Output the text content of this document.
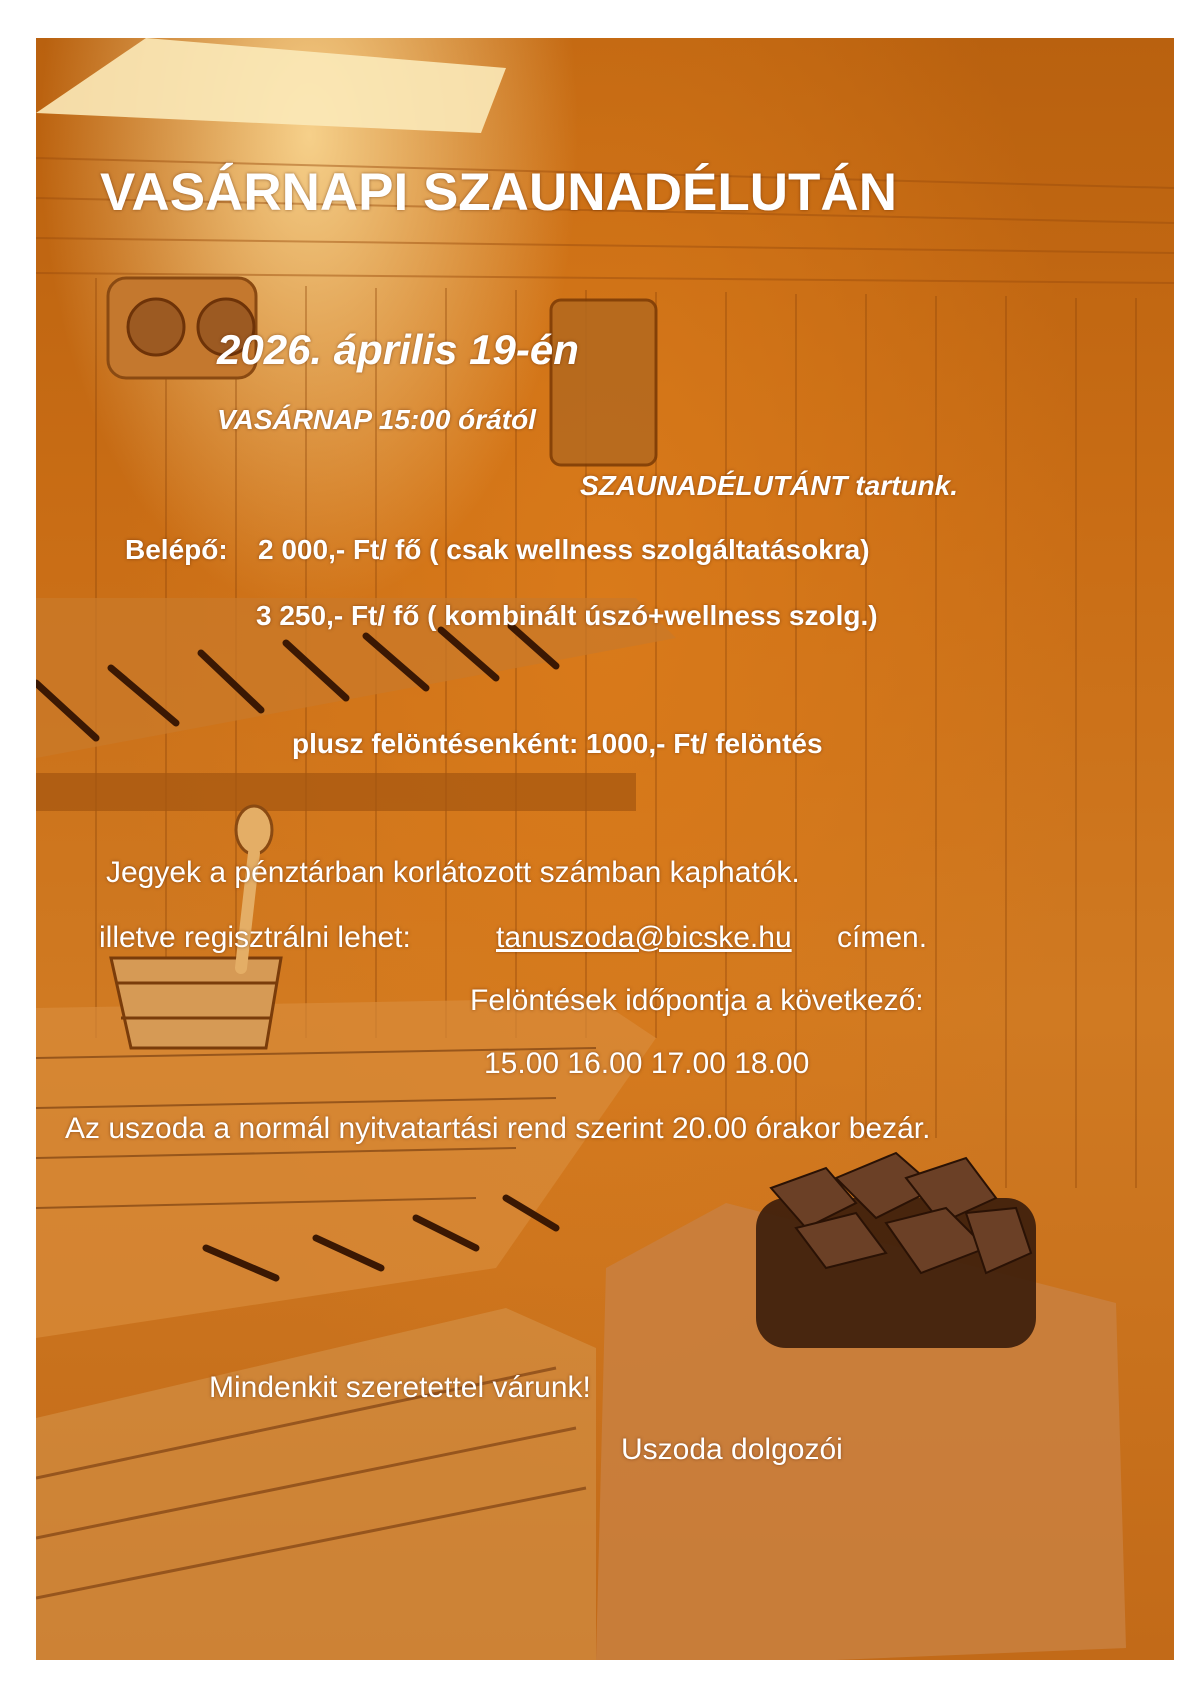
VASÁRNAPI SZAUNADÉLUTÁN
2026. április 19-én
VASÁRNAP 15:00 órától
SZAUNADÉLUTÁNT tartunk.
Belépő: 2 000,- Ft/ fő ( csak wellness szolgáltatásokra)
3 250,- Ft/ fő ( kombinált úszó+wellness szolg.)
plusz felöntésenként: 1000,- Ft/ felöntés
Jegyek a pénztárban korlátozott számban kaphatók.
illetve regisztrálni lehet:	tanuszoda@bicske.hu címen.
Felöntések időpontja a következő:
15.00 16.00 17.00 18.00
Az uszoda a normál nyitvatartási rend szerint 20.00 órakor bezár.
Mindenkit szeretettel várunk!
Uszoda dolgozói
